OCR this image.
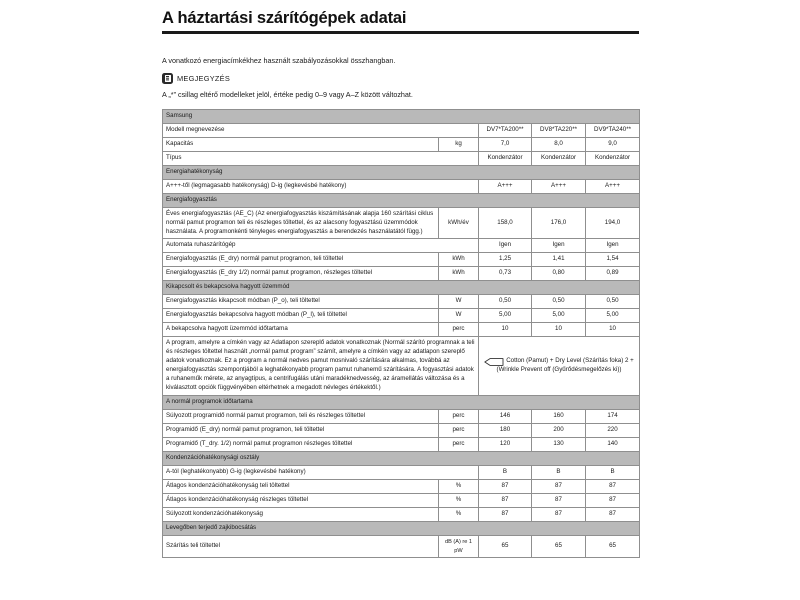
A háztartási szárítógépek adatai
A vonatkozó energiacímkékhez használt szabályozásokkal összhangban.
MEGJEGYZÉS
A „*” csillag eltérő modelleket jelöl, értéke pedig 0–9 vagy A–Z között változhat.
Samsung				
Modell megnevezése		DV7*TA200**	DV8*TA220**	DV9*TA240**
Kapacitás	kg	7,0	8,0	9,0
Típus		Kondenzátor	Kondenzátor	Kondenzátor
Energiahatékonyság				
A+++-től (legmagasabb hatékonyság) D-ig (legkevésbé hatékony)		A+++	A+++	A+++
Energiafogyasztás				
Éves energiafogyasztás (AE_C) (Az energiafogyasztás kiszámításának alapja 160 szárítási ciklus normál pamut programon teli és részleges töltettel, és az alacsony fogyasztású üzemmódok használata. A programonkénti tényleges energiafogyasztás a berendezés használatától függ.)	kWh/év	158,0	176,0	194,0
Automata ruhaszárítógép		Igen	Igen	Igen
Energiafogyasztás (E_dry) normál pamut programon, teli töltettel	kWh	1,25	1,41	1,54
Energiafogyasztás (E_dry 1/2) normál pamut programon, részleges töltettel	kWh	0,73	0,80	0,89
Kikapcsolt és bekapcsolva hagyott üzemmód				
Energiafogyasztás kikapcsolt módban (P_o), teli töltettel	W	0,50	0,50	0,50
Energiafogyasztás bekapcsolva hagyott módban (P_l), teli töltettel	W	5,00	5,00	5,00
A bekapcsolva hagyott üzemmód időtartama	perc	10	10	10
A program, amelyre a címkén vagy az Adatlapon szereplő adatok vonatkoznak (Normál szárító programnak a teli és részleges töltettel használt „normál pamut program” számít, amelyre a címkén vagy az adatlapon szereplő adatok vonatkoznak. Ez a program a normál nedves pamut mosnivaló szárítására alkalmas, továbbá az energiafogyasztás szempontjából a leghatékonyabb program pamut ruhanemű szárítására. A fogyasztási adatok a ruhaneműk mérete, az anyagtípus, a centrifugálás utáni maradéknedvesség, az áramellátás változása és a kiválasztott opciók függvényében eltérhetnek a megadott névleges értékektől.)		Cotton (Pamut) + Dry Level (Szárítás foka) 2 +
(Wrinkle Prevent off (Gyűrődésmegelőzés ki))		
A normál programok időtartama				
Súlyozott programidő normál pamut programon, teli és részleges töltettel	perc	146	160	174
Programidő (E_dry) normál pamut programon, teli töltettel	perc	180	200	220
Programidő (T_dry. 1/2) normál pamut programon részleges töltettel	perc	120	130	140
Kondenzációhatékonysági osztály				
A-tól (leghatékonyabb) G-ig (legkevésbé hatékony)		B	B	B
Átlagos kondenzációhatékonyság teli töltettel	%	87	87	87
Átlagos kondenzációhatékonyság részleges töltettel	%	87	87	87
Súlyozott kondenzációhatékonyság	%	87	87	87
Levegőben terjedő zajkibocsátás				
Szárítás teli töltettel	dB (A) re 1 pW	65	65	65
